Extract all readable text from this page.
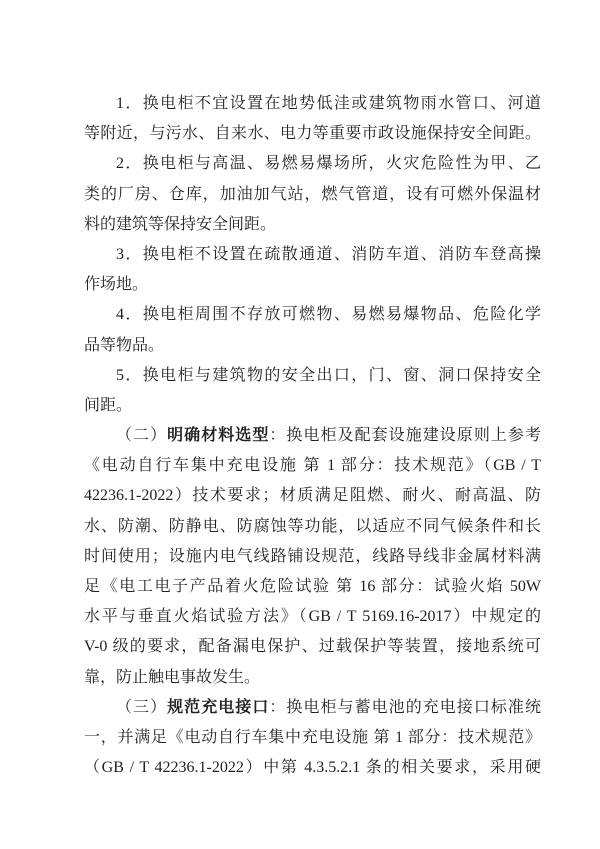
1．换电柜不宜设置在地势低洼或建筑物雨水管口、河道
等附近，与污水、自来水、电力等重要市政设施保持安全间距。
2．换电柜与高温、易燃易爆场所，火灾危险性为甲、乙
类的厂房、仓库，加油加气站，燃气管道，设有可燃外保温材
料的建筑等保持安全间距。
3．换电柜不设置在疏散通道、消防车道、消防车登高操
作场地。
4．换电柜周围不存放可燃物、易燃易爆物品、危险化学
品等物品。
5．换电柜与建筑物的安全出口，门、窗、洞口保持安全
间距。
（二）明确材料选型：换电柜及配套设施建设原则上参考
《电动自行车集中充电设施 第 1 部分：技术规范》（GB / T
42236.1-2022）技术要求；材质满足阻燃、耐火、耐高温、防
水、防潮、防静电、防腐蚀等功能，以适应不同气候条件和长
时间使用；设施内电气线路铺设规范，线路导线非金属材料满
足《电工电子产品着火危险试验 第 16 部分：试验火焰 50W
水平与垂直火焰试验方法》（GB / T 5169.16-2017）中规定的
V-0 级的要求，配备漏电保护、过载保护等装置，接地系统可
靠，防止触电事故发生。
（三）规范充电接口：换电柜与蓄电池的充电接口标准统
一，并满足《电动自行车集中充电设施 第 1 部分：技术规范》
（GB / T 42236.1-2022）中第 4.3.5.2.1 条的相关要求，采用硬
